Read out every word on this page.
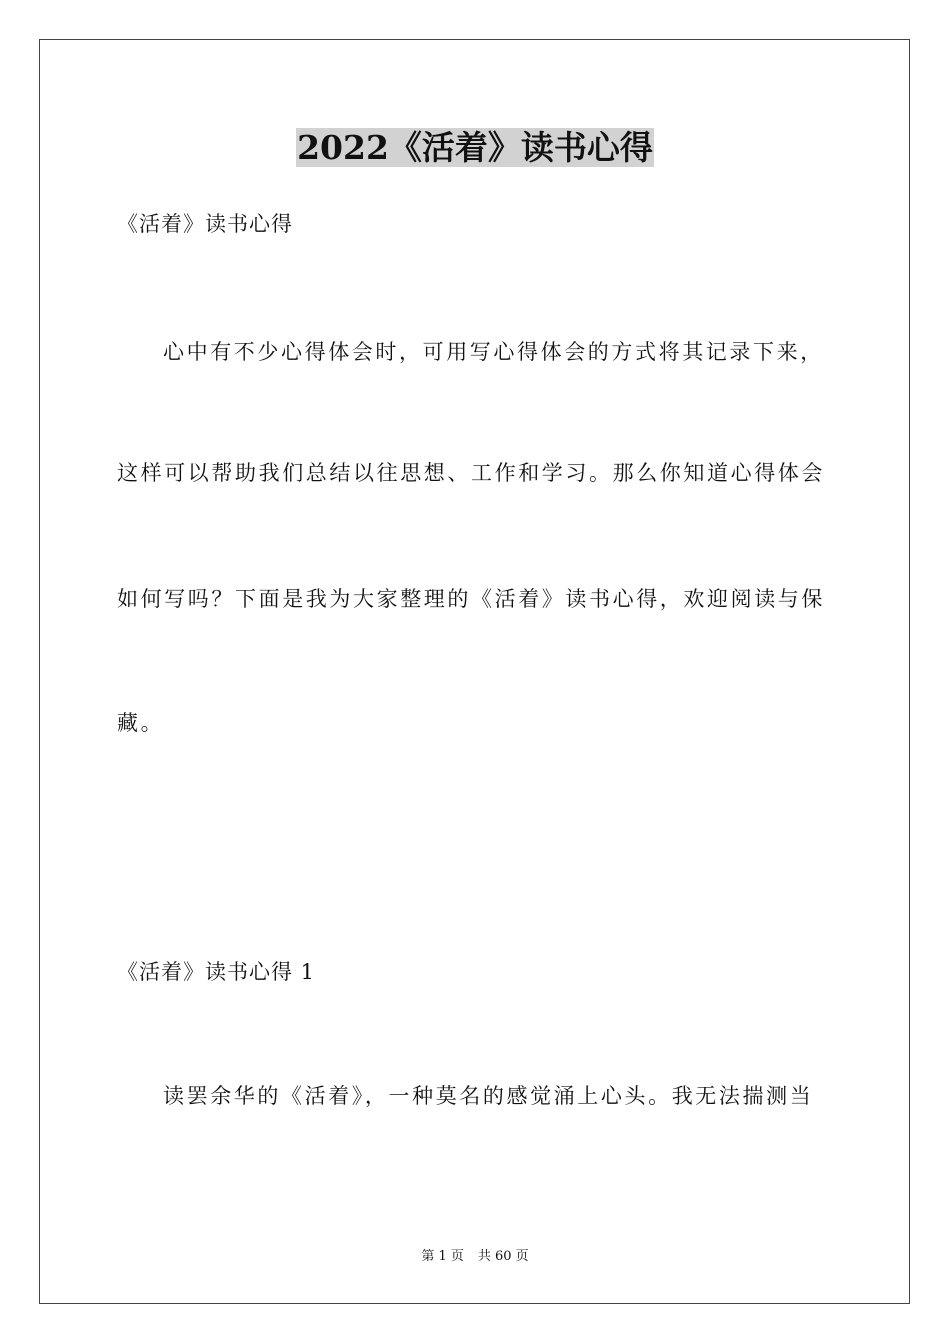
2022《活着》读书心得

《活着》读书心得

心中有不少心得体会时，可用写心得体会的方式将其记录下来，

这样可以帮助我们总结以往思想、工作和学习。那么你知道心得体会

如何写吗？下面是我为大家整理的《活着》读书心得，欢迎阅读与保

藏。

《活着》读书心得 1

读罢余华的《活着》，一种莫名的感觉涌上心头。我无法揣测当

第 1 页 共 60 页
